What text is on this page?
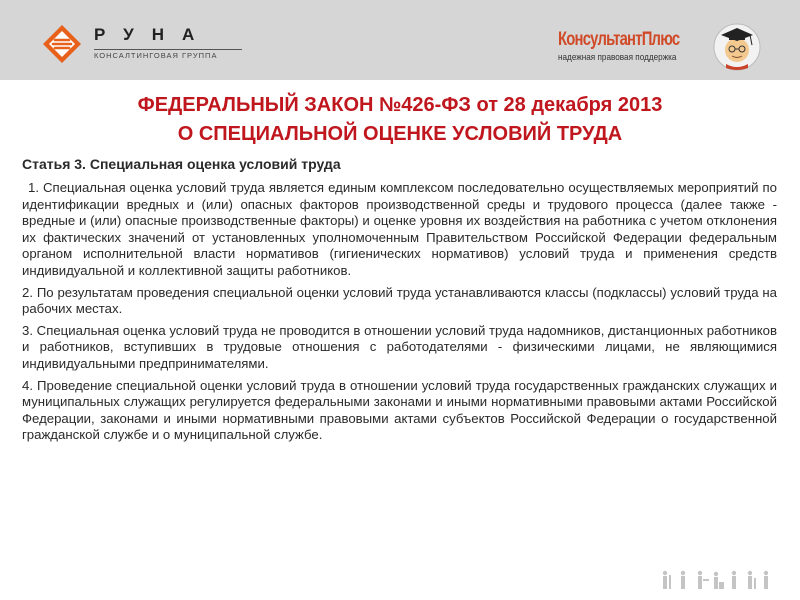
РУНА
КОНСАЛТИНГОВАЯ ГРУППА
КонсультантПлюс
надежная правовая поддержка
ФЕДЕРАЛЬНЫЙ ЗАКОН №426-ФЗ от 28 декабря 2013
О СПЕЦИАЛЬНОЙ ОЦЕНКЕ УСЛОВИЙ ТРУДА
Статья 3. Специальная оценка условий труда

1. Специальная оценка условий труда является единым комплексом последовательно осуществляемых мероприятий по идентификации вредных и (или) опасных факторов производственной среды и трудового процесса (далее также - вредные и (или) опасные производственные факторы) и оценке уровня их воздействия на работника с учетом отклонения их фактических значений от установленных уполномоченным Правительством Российской Федерации федеральным органом исполнительной власти нормативов (гигиенических нормативов) условий труда и применения средств индивидуальной и коллективной защиты работников.

2. По результатам проведения специальной оценки условий труда устанавливаются классы (подклассы) условий труда на рабочих местах.

3. Специальная оценка условий труда не проводится в отношении условий труда надомников, дистанционных работников и работников, вступивших в трудовые отношения с работодателями - физическими лицами, не являющимися индивидуальными предпринимателями.

4. Проведение специальной оценки условий труда в отношении условий труда государственных гражданских служащих и муниципальных служащих регулируется федеральными законами и иными нормативными правовыми актами Российской Федерации, законами и иными нормативными правовыми актами субъектов Российской Федерации о государственной гражданской службе и о муниципальной службе.
